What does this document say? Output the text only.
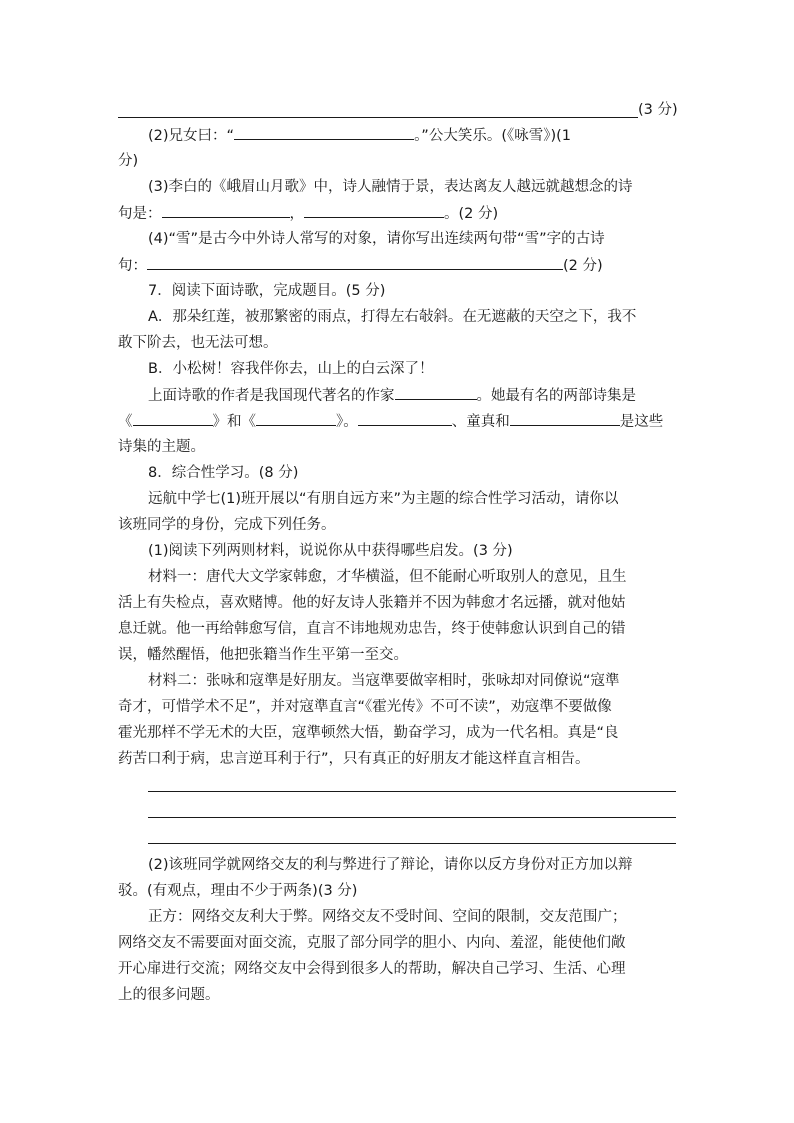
(3 分)
(2)兄女曰：“	。”公大笑乐。(《咏雪》)(1
分)
(3)李白的《峨眉山月歌》中，诗人融情于景，表达离友人越远就越想念的诗
句是：	，	。(2 分)
(4)“雪”是古今中外诗人常写的对象，请你写出连续两句带“雪”字的古诗
句：	(2 分)
7．阅读下面诗歌，完成题目。(5 分)
A．那朵红莲，被那繁密的雨点，打得左右敧斜。在无遮蔽的天空之下，我不
敢下阶去，也无法可想。
B．小松树！容我伴你去，山上的白云深了！
上面诗歌的作者是我国现代著名的作家	。她最有名的两部诗集是
《	》和《	》。	、童真和	是这些
诗集的主题。
8．综合性学习。(8 分)
远航中学七(1)班开展以“有朋自远方来”为主题的综合性学习活动，请你以
该班同学的身份，完成下列任务。
(1)阅读下列两则材料，说说你从中获得哪些启发。(3 分)
材料一：唐代大文学家韩愈，才华横溢，但不能耐心听取别人的意见，且生
活上有失检点，喜欢赌博。他的好友诗人张籍并不因为韩愈才名远播，就对他姑
息迁就。他一再给韩愈写信，直言不讳地规劝忠告，终于使韩愈认识到自己的错
误，幡然醒悟，他把张籍当作生平第一至交。
材料二：张咏和寇準是好朋友。当寇準要做宰相时，张咏却对同僚说“寇準
奇才，可惜学术不足”，并对寇準直言“《霍光传》不可不读”，劝寇準不要做像
霍光那样不学无术的大臣，寇準顿然大悟，勤奋学习，成为一代名相。真是“良
药苦口利于病，忠言逆耳利于行”，只有真正的好朋友才能这样直言相告。
(2)该班同学就网络交友的利与弊进行了辩论，请你以反方身份对正方加以辩
驳。(有观点，理由不少于两条)(3 分)
正方：网络交友利大于弊。网络交友不受时间、空间的限制，交友范围广；
网络交友不需要面对面交流，克服了部分同学的胆小、内向、羞涩，能使他们敞
开心扉进行交流；网络交友中会得到很多人的帮助，解决自己学习、生活、心理
上的很多问题。
